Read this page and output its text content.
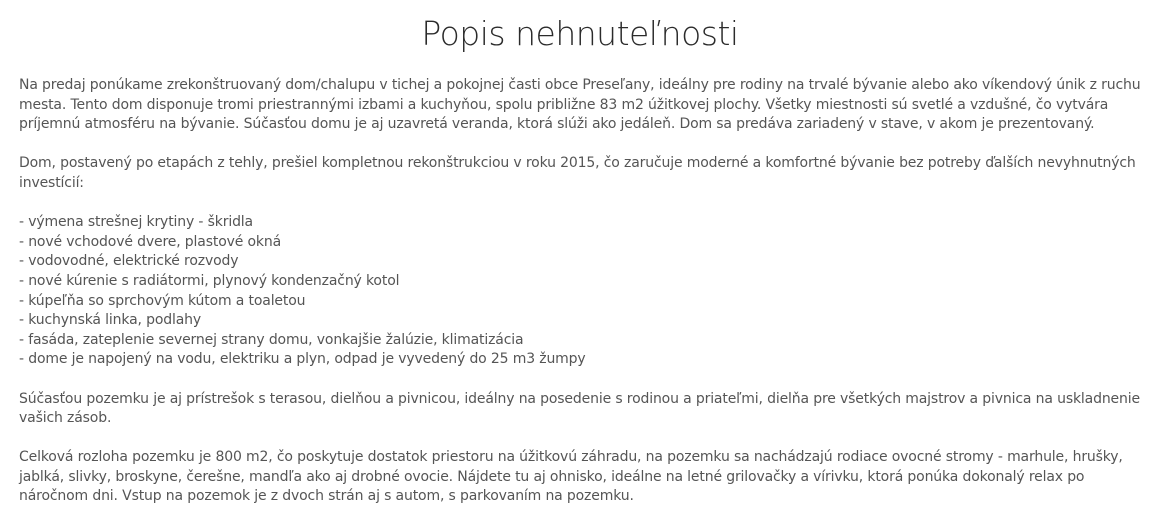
Popis nehnuteľnosti

Na predaj ponúkame zrekonštruovaný dom/chalupu v tichej a pokojnej časti obce Preseľany, ideálny pre rodiny na trvalé bývanie alebo ako víkendový únik z ruchu mesta. Tento dom disponuje tromi priestrannými izbami a kuchyňou, spolu približne 83 m2 úžitkovej plochy. Všetky miestnosti sú svetlé a vzdušné, čo vytvára príjemnú atmosféru na bývanie. Súčasťou domu je aj uzavretá veranda, ktorá slúži ako jedáleň. Dom sa predáva zariadený v stave, v akom je prezentovaný.

Dom, postavený po etapách z tehly, prešiel kompletnou rekonštrukciou v roku 2015, čo zaručuje moderné a komfortné bývanie bez potreby ďalších nevyhnutných investícií:

- výmena strešnej krytiny - škridla
- nové vchodové dvere, plastové okná
- vodovodné, elektrické rozvody
- nové kúrenie s radiátormi, plynový kondenzačný kotol
- kúpeľňa so sprchovým kútom a toaletou
- kuchynská linka, podlahy
- fasáda, zateplenie severnej strany domu, vonkajšie žalúzie, klimatizácia
- dome je napojený na vodu, elektriku a plyn, odpad je vyvedený do 25 m3 žumpy

Súčasťou pozemku je aj prístrešok s terasou, dielňou a pivnicou, ideálny na posedenie s rodinou a priateľmi, dielňa pre všetkých majstrov a pivnica na uskladnenie vašich zásob.

Celková rozloha pozemku je 800 m2, čo poskytuje dostatok priestoru na úžitkovú záhradu, na pozemku sa nachádzajú rodiace ovocné stromy - marhule, hrušky, jablká, slivky, broskyne, čerešne, mandľa ako aj drobné ovocie. Nájdete tu aj ohnisko, ideálne na letné grilovačky a vírivku, ktorá ponúka dokonalý relax po náročnom dni. Vstup na pozemok je z dvoch strán aj s autom, s parkovaním na pozemku.
